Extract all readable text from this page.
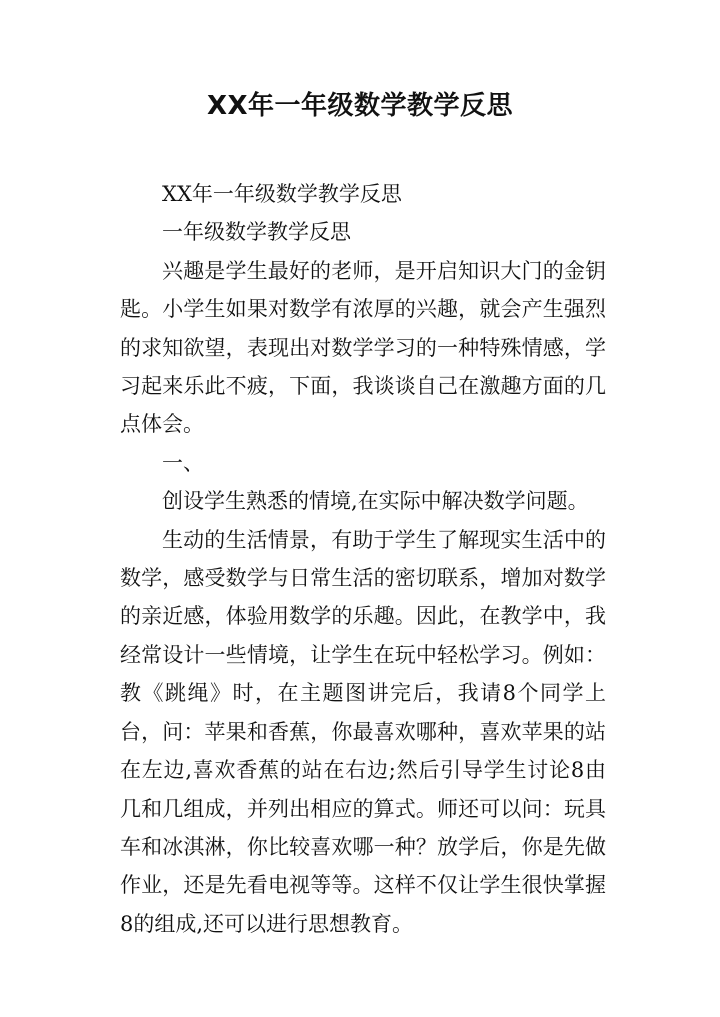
XX年一年级数学教学反思

XX年一年级数学教学反思

一年级数学教学反思

兴趣是学生最好的老师，是开启知识大门的金钥匙。小学生如果对数学有浓厚的兴趣，就会产生强烈的求知欲望，表现出对数学学习的一种特殊情感，学习起来乐此不疲，下面，我谈谈自己在激趣方面的几点体会。

一、

创设学生熟悉的情境,在实际中解决数学问题。

生动的生活情景，有助于学生了解现实生活中的数学，感受数学与日常生活的密切联系，增加对数学的亲近感，体验用数学的乐趣。因此，在教学中，我经常设计一些情境，让学生在玩中轻松学习。例如：教《跳绳》时，在主题图讲完后，我请8个同学上台，问：苹果和香蕉，你最喜欢哪种，喜欢苹果的站在左边,喜欢香蕉的站在右边;然后引导学生讨论8由几和几组成，并列出相应的算式。师还可以问：玩具车和冰淇淋，你比较喜欢哪一种？放学后，你是先做作业，还是先看电视等等。这样不仅让学生很快掌握8的组成,还可以进行思想教育。
